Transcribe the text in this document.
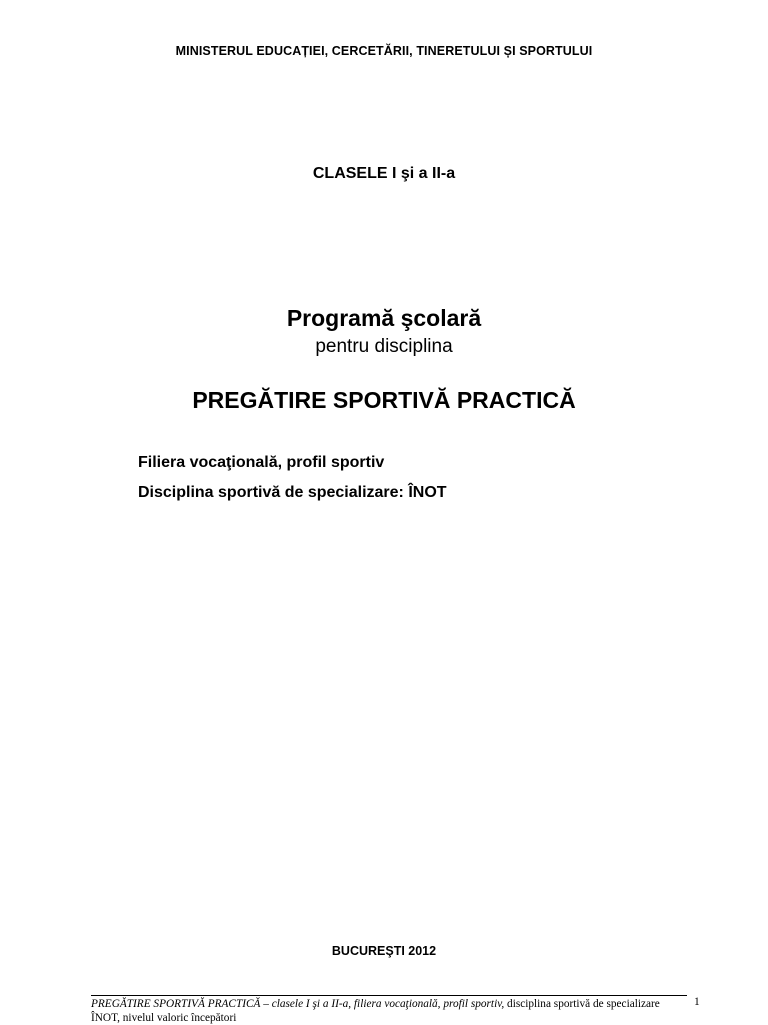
MINISTERUL EDUCAȚIEI, CERCETĂRII, TINERETULUI ȘI SPORTULUI
CLASELE I şi a II-a
Programă şcolară
pentru disciplina
PREGĂTIRE SPORTIVĂ PRACTICĂ
Filiera vocaţională, profil sportiv
Disciplina sportivă de specializare: ÎNOT
BUCUREŞTI 2012
PREGĂTIRE SPORTIVĂ PRACTICĂ – clasele I şi a II-a, filiera vocaţională, profil sportiv, disciplina sportivă de specializare ÎNOT, nivelul valoric începători
1
